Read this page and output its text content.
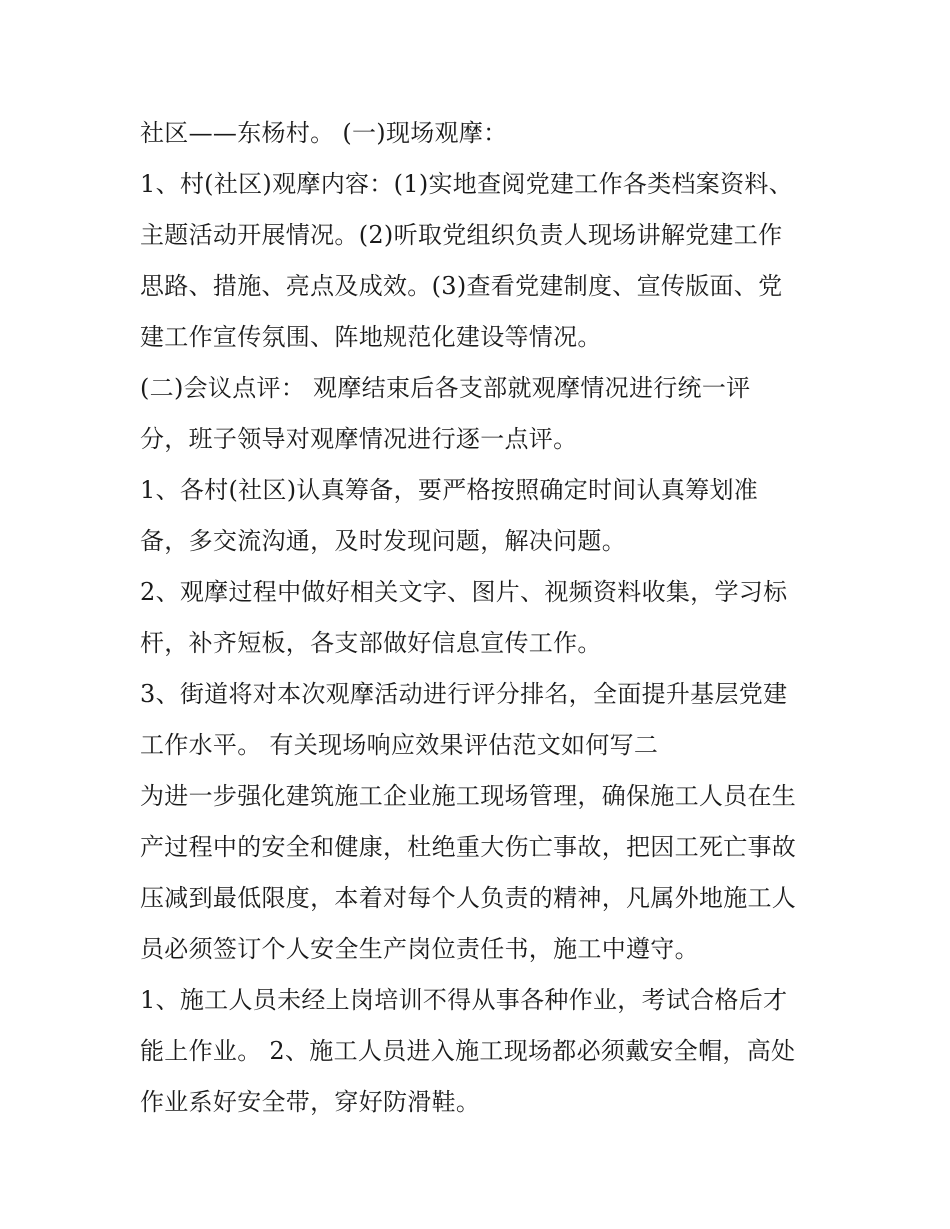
社区——东杨村。 (一)现场观摩：
1、村(社区)观摩内容：(1)实地查阅党建工作各类档案资料、
主题活动开展情况。(2)听取党组织负责人现场讲解党建工作
思路、措施、亮点及成效。(3)查看党建制度、宣传版面、党
建工作宣传氛围、阵地规范化建设等情况。
(二)会议点评： 观摩结束后各支部就观摩情况进行统一评
分，班子领导对观摩情况进行逐一点评。
1、各村(社区)认真筹备，要严格按照确定时间认真筹划准
备，多交流沟通，及时发现问题，解决问题。
2、观摩过程中做好相关文字、图片、视频资料收集，学习标
杆，补齐短板，各支部做好信息宣传工作。
3、街道将对本次观摩活动进行评分排名，全面提升基层党建
工作水平。 有关现场响应效果评估范文如何写二
为进一步强化建筑施工企业施工现场管理，确保施工人员在生
产过程中的安全和健康，杜绝重大伤亡事故，把因工死亡事故
压减到最低限度，本着对每个人负责的精神，凡属外地施工人
员必须签订个人安全生产岗位责任书，施工中遵守。
1、施工人员未经上岗培训不得从事各种作业，考试合格后才
能上作业。 2、施工人员进入施工现场都必须戴安全帽，高处
作业系好安全带，穿好防滑鞋。
